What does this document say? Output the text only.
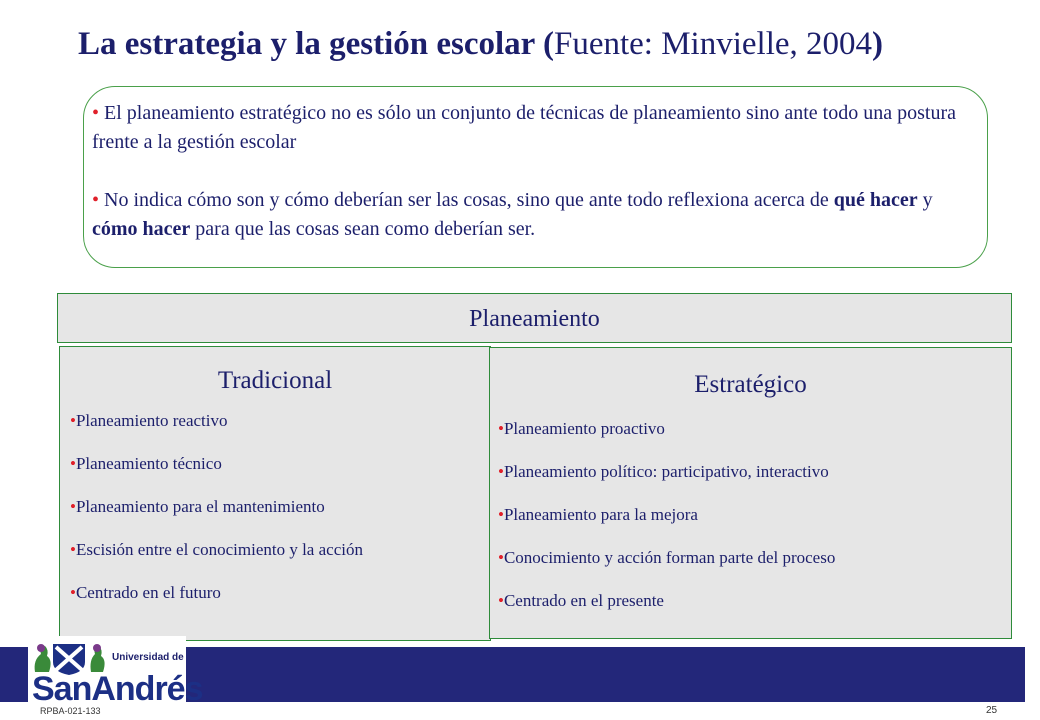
La estrategia y la gestión escolar (Fuente: Minvielle, 2004)

• El planeamiento estratégico no es sólo un conjunto de técnicas de planeamiento sino ante todo una postura frente a la gestión escolar

• No indica cómo son y cómo deberían ser las cosas, sino que ante todo reflexiona acerca de qué hacer y cómo hacer para que las cosas sean como deberían ser.

Planeamiento
Tradicional
•Planeamiento reactivo
•Planeamiento técnico
•Planeamiento para el mantenimiento
•Escisión entre el conocimiento y la acción
•Centrado en el futuro
Estratégico
•Planeamiento proactivo
•Planeamiento político: participativo, interactivo
•Planeamiento para la mejora
•Conocimiento y acción forman parte del proceso
•Centrado en el presente
Universidad de
SanAndrés
RPBA-021-133	25
